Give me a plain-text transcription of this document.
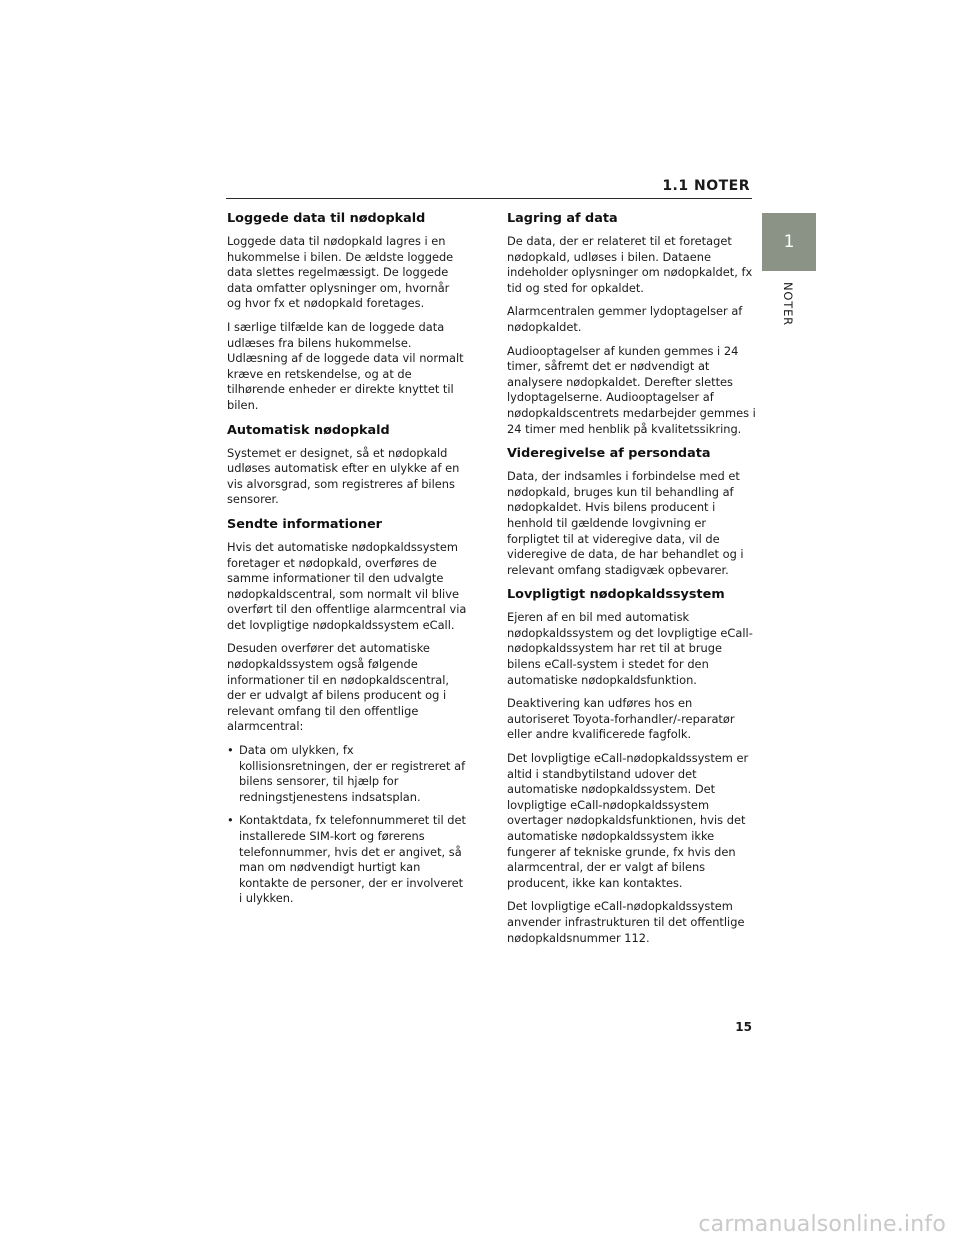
1.1 NOTER
1
NOTER
Loggede data til nødopkald

Loggede data til nødopkald lagres i en hukommelse i bilen. De ældste loggede data slettes regelmæssigt. De loggede data omfatter oplysninger om, hvornår og hvor fx et nødopkald foretages.

I særlige tilfælde kan de loggede data udlæses fra bilens hukommelse. Udlæsning af de loggede data vil normalt kræve en retskendelse, og at de tilhørende enheder er direkte knyttet til bilen.

Automatisk nødopkald

Systemet er designet, så et nødopkald udløses automatisk efter en ulykke af en vis alvorsgrad, som registreres af bilens sensorer.

Sendte informationer

Hvis det automatiske nødopkaldssystem foretager et nødopkald, overføres de samme informationer til den udvalgte nødopkaldscentral, som normalt vil blive overført til den offentlige alarmcentral via det lovpligtige nødopkaldssystem eCall.

Desuden overfører det automatiske nødopkaldssystem også følgende informationer til en nødopkaldscentral, der er udvalgt af bilens producent og i relevant omfang til den offentlige alarmcentral:

• Data om ulykken, fx kollisionsretningen, der er registreret af bilens sensorer, til hjælp for redningstjenestens indsatsplan.
• Kontaktdata, fx telefonnummeret til det installerede SIM-kort og førerens telefonnummer, hvis det er angivet, så man om nødvendigt hurtigt kan kontakte de personer, der er involveret i ulykken.
Lagring af data

De data, der er relateret til et foretaget nødopkald, udløses i bilen. Dataene indeholder oplysninger om nødopkaldet, fx tid og sted for opkaldet.

Alarmcentralen gemmer lydoptagelser af nødopkaldet.

Audiooptagelser af kunden gemmes i 24 timer, såfremt det er nødvendigt at analysere nødopkaldet. Derefter slettes lydoptagelserne. Audiooptagelser af nødopkaldscentrets medarbejder gemmes i 24 timer med henblik på kvalitetssikring.

Videregivelse af persondata

Data, der indsamles i forbindelse med et nødopkald, bruges kun til behandling af nødopkaldet. Hvis bilens producent i henhold til gældende lovgivning er forpligtet til at videregive data, vil de videregive de data, de har behandlet og i relevant omfang stadigvæk opbevarer.

Lovpligtigt nødopkaldssystem

Ejeren af en bil med automatisk nødopkaldssystem og det lovpligtige eCall-nødopkaldssystem har ret til at bruge bilens eCall-system i stedet for den automatiske nødopkaldsfunktion.

Deaktivering kan udføres hos en autoriseret Toyota-forhandler/-reparatør eller andre kvalificerede fagfolk.

Det lovpligtige eCall-nødopkaldssystem er altid i standbytilstand udover det automatiske nødopkaldssystem. Det lovpligtige eCall-nødopkaldssystem overtager nødopkaldsfunktionen, hvis det automatiske nødopkaldssystem ikke fungerer af tekniske grunde, fx hvis den alarmcentral, der er valgt af bilens producent, ikke kan kontaktes.

Det lovpligtige eCall-nødopkaldssystem anvender infrastrukturen til det offentlige nødopkaldsnummer 112.

15
carmanualsonline.info
